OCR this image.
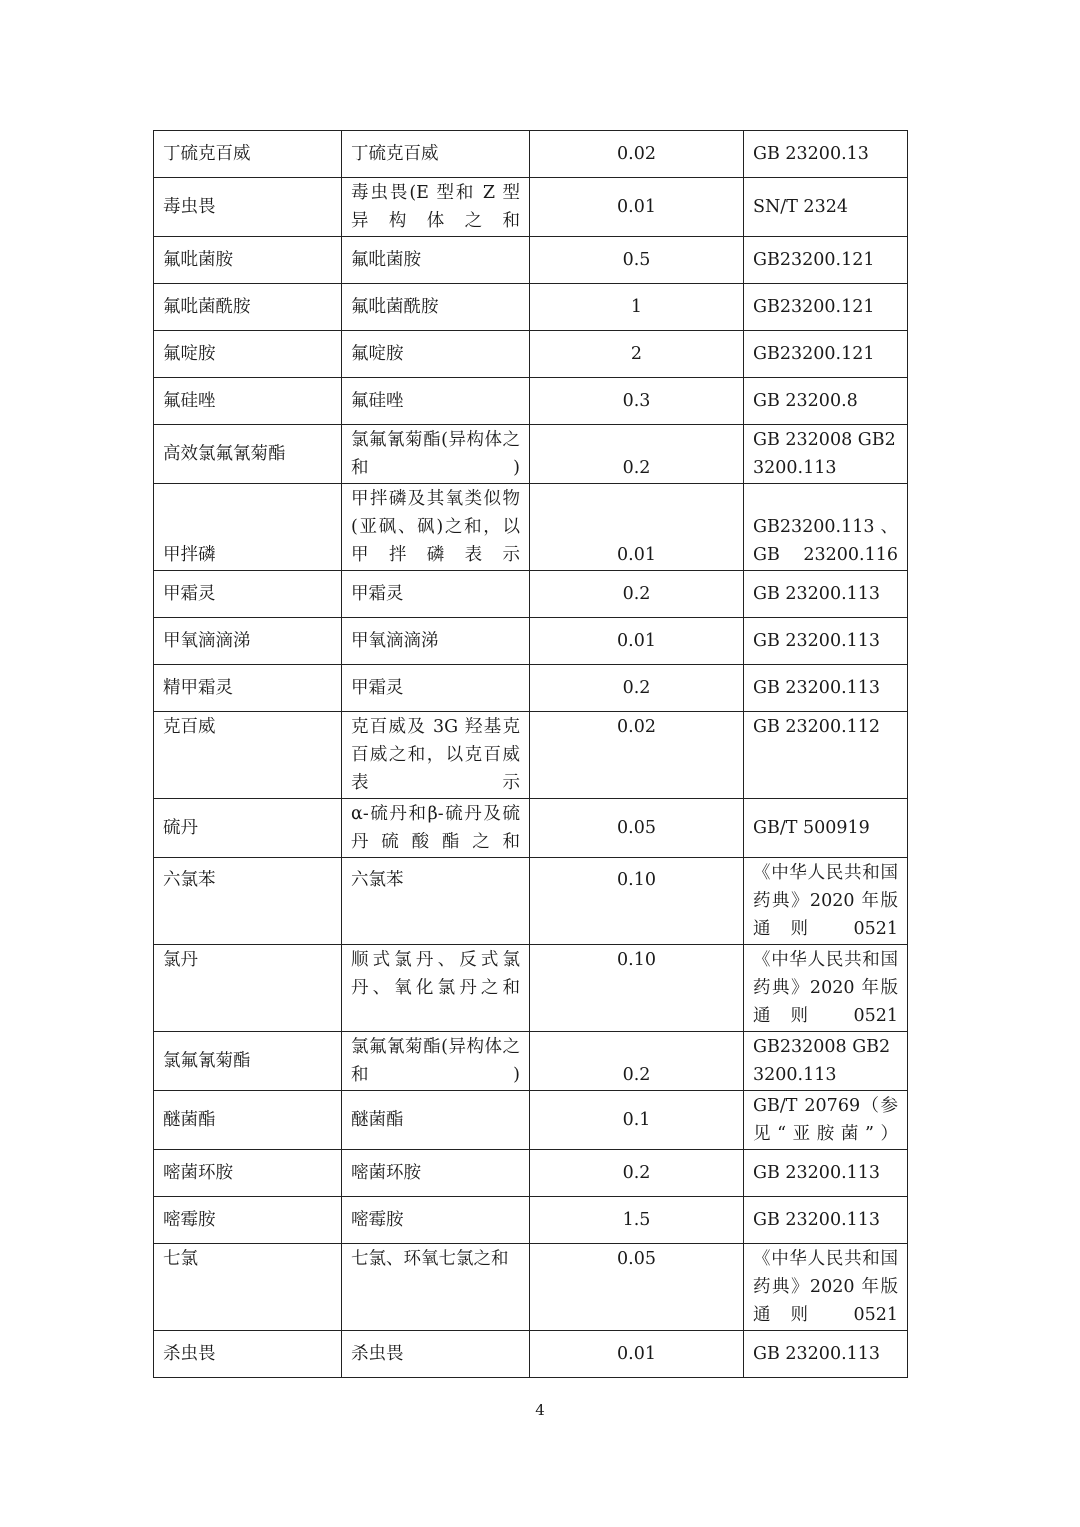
丁硫克百威	丁硫克百威	0.02	GB 23200.13
毒虫畏	毒虫畏(E 型和 Z 型异构体之和	0.01	SN/T 2324
氟吡菌胺	氟吡菌胺	0.5	GB23200.121
氟吡菌酰胺	氟吡菌酰胺	1	GB23200.121
氟啶胺	氟啶胺	2	GB23200.121
氟硅唑	氟硅唑	0.3	GB 23200.8
高效氯氟氰菊酯	氯氟氰菊酯(异构体之和)	0.2	GB 232008 GB23200.113
甲拌磷	甲拌磷及其氧类似物(亚砜、砜)之和，以甲拌磷表示	0.01	GB23200.113 、 GB 23200.116
甲霜灵	甲霜灵	0.2	GB 23200.113
甲氧滴滴涕	甲氧滴滴涕	0.01	GB 23200.113
精甲霜灵	甲霜灵	0.2	GB 23200.113
克百威	克百威及 3G 羟基克百威之和，以克百威表示	0.02	GB 23200.112
硫丹	α-硫丹和β-硫丹及硫丹硫酸酯之和	0.05	GB/T 500919
六氯苯	六氯苯	0.10	《中华人民共和国药典》2020 年版通则 0521
氯丹	顺式氯丹、反式氯丹、氧化氯丹之和	0.10	《中华人民共和国药典》2020 年版通则 0521
氯氟氰菊酯	氯氟氰菊酯(异构体之和)	0.2	GB232008 GB23200.113
醚菌酯	醚菌酯	0.1	GB/T 20769（参见“亚胺菌”）
嘧菌环胺	嘧菌环胺	0.2	GB 23200.113
嘧霉胺	嘧霉胺	1.5	GB 23200.113
七氯	七氯、环氧七氯之和	0.05	《中华人民共和国药典》2020 年版通则 0521
杀虫畏	杀虫畏	0.01	GB 23200.113
4
